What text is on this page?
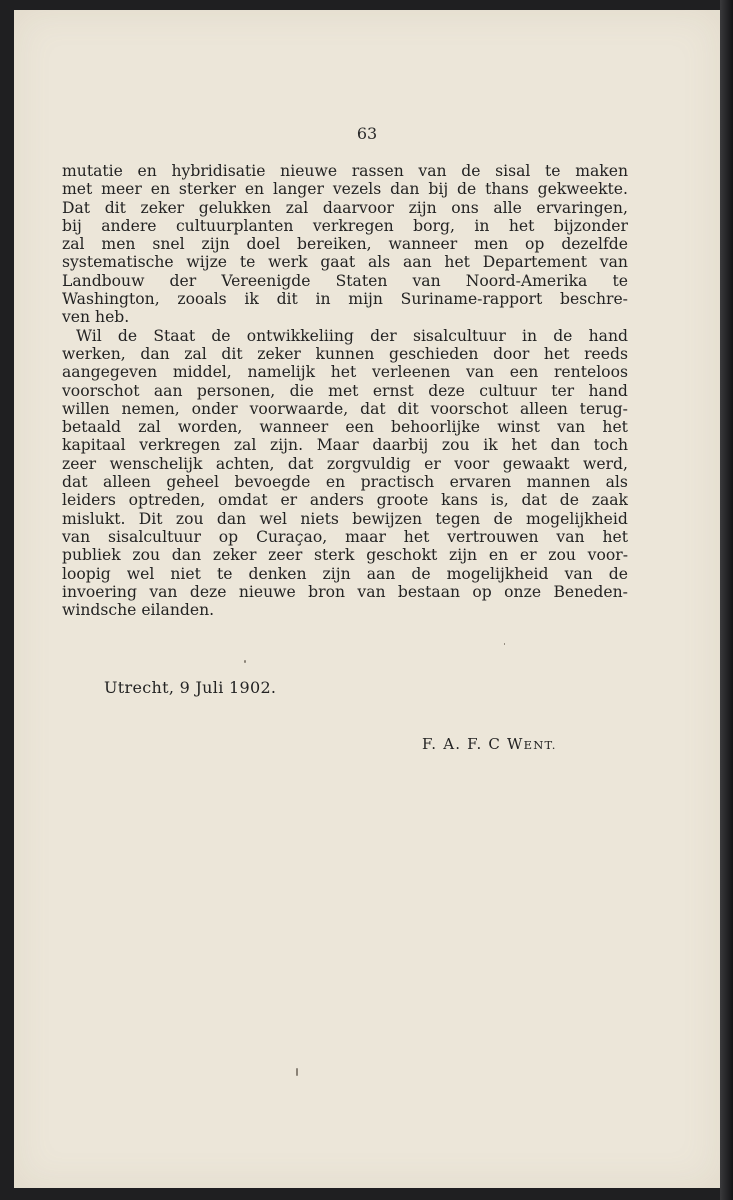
63
mutatie en hybridisatie nieuwe rassen van de sisal te maken
met meer en sterker en langer vezels dan bij de thans gekweekte.
Dat dit zeker gelukken zal daarvoor zijn ons alle ervaringen,
bij andere cultuurplanten verkregen borg, in het bijzonder
zal men snel zijn doel bereiken, wanneer men op dezelfde
systematische wijze te werk gaat als aan het Departement van
Landbouw der Vereenigde Staten van Noord-Amerika te
Washington, zooals ik dit in mijn Suriname-rapport beschre-
ven heb.
Wil de Staat de ontwikkeliing der sisalcultuur in de hand
werken, dan zal dit zeker kunnen geschieden door het reeds
aangegeven middel, namelijk het verleenen van een renteloos
voorschot aan personen, die met ernst deze cultuur ter hand
willen nemen, onder voorwaarde, dat dit voorschot alleen terug-
betaald zal worden, wanneer een behoorlijke winst van het
kapitaal verkregen zal zijn. Maar daarbij zou ik het dan toch
zeer wenschelijk achten, dat zorgvuldig er voor gewaakt werd,
dat alleen geheel bevoegde en practisch ervaren mannen als
leiders optreden, omdat er anders groote kans is, dat de zaak
mislukt. Dit zou dan wel niets bewijzen tegen de mogelijkheid
van sisalcultuur op Curaçao, maar het vertrouwen van het
publiek zou dan zeker zeer sterk geschokt zijn en er zou voor-
loopig wel niet te denken zijn aan de mogelijkheid van de
invoering van deze nieuwe bron van bestaan op onze Beneden-
windsche eilanden.
Utrecht, 9 Juli 1902.
F. A. F. C WENT.
